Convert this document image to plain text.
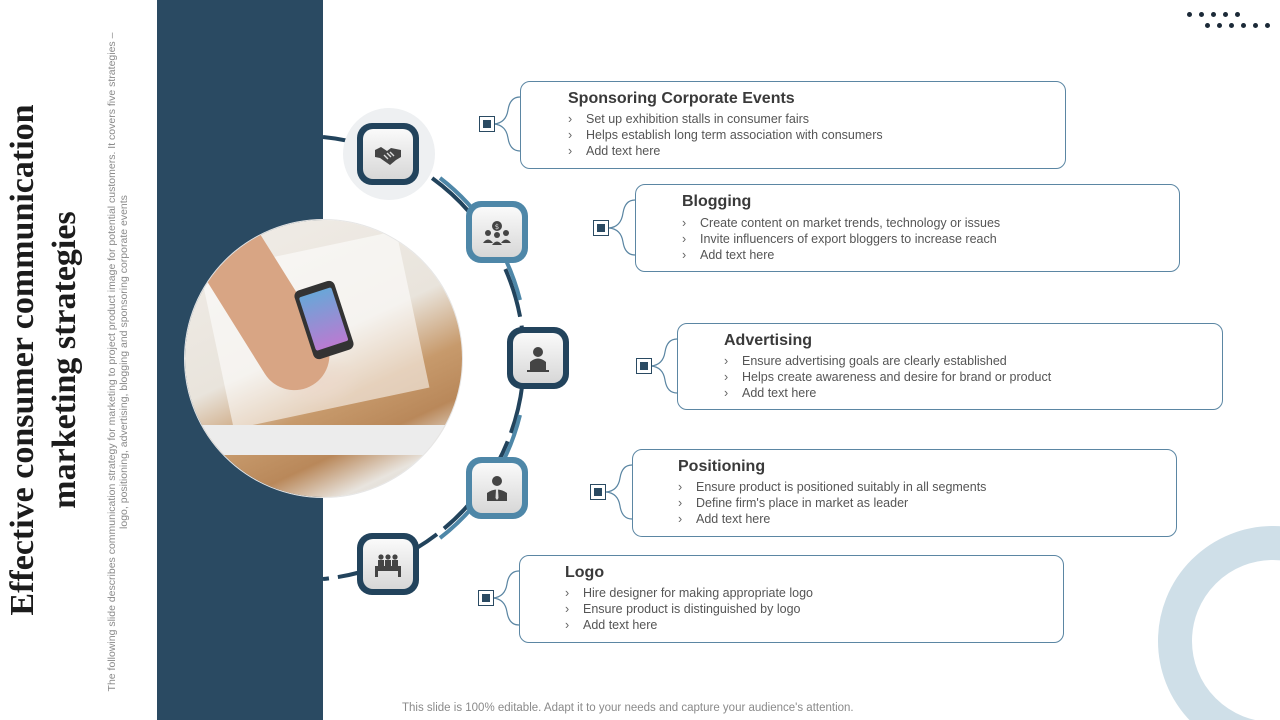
Effective consumer communication marketing strategies	The following slide describes communication strategy for marketing to project product image for potential customers. It covers five strategies – logo, positioning, advertising, blogging and sponsoring corporate events	$
Sponsoring Corporate Events
› Set up exhibition stalls in consumer fairs
› Helps establish long term association with consumers
› Add text here
Blogging
› Create content on market trends, technology or issues
› Invite influencers of export bloggers to increase reach
› Add text here
Advertising
› Ensure advertising goals are clearly established
› Helps create awareness and desire for brand or product
› Add text here
Positioning
› Ensure product is positioned suitably in all segments
› Define firm's place in market as leader
› Add text here
Logo
› Hire designer for making appropriate logo
› Ensure product is distinguished by logo
› Add text here
This slide is 100% editable. Adapt it to your needs and capture your audience's attention.
